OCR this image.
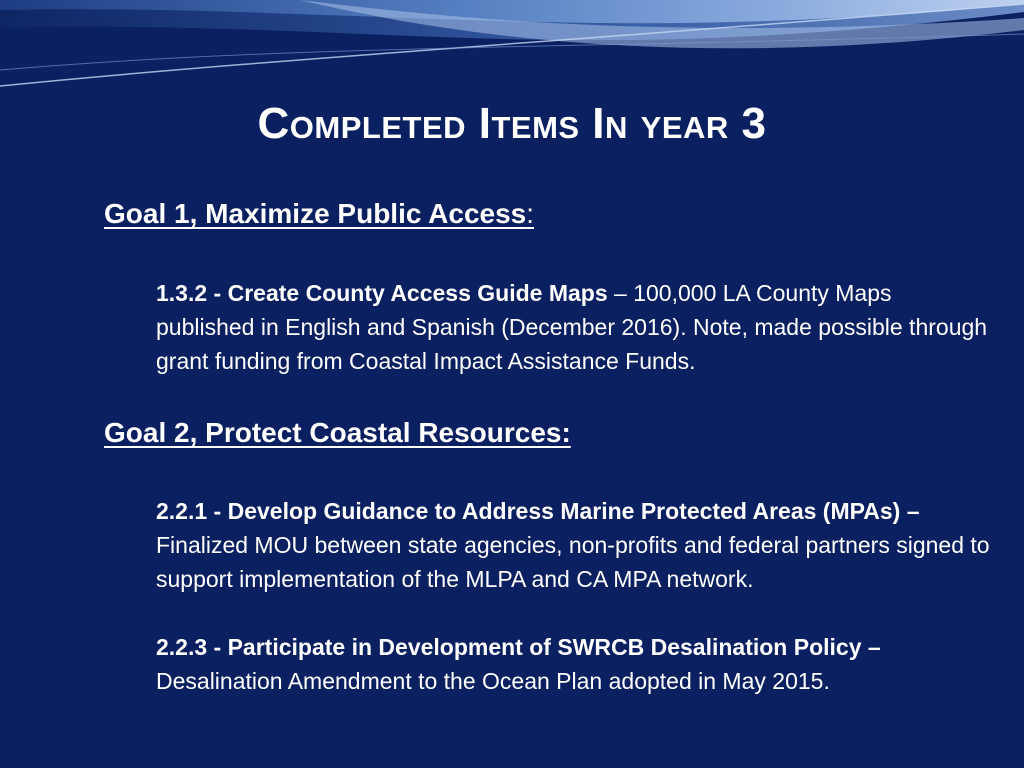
Completed Items In year 3
Goal 1, Maximize Public Access:
1.3.2 - Create County Access Guide Maps – 100,000 LA County Maps published in English and Spanish (December 2016). Note, made possible through grant funding from Coastal Impact Assistance Funds.
Goal 2, Protect Coastal Resources:
2.2.1 - Develop Guidance to Address Marine Protected Areas (MPAs) – Finalized MOU between state agencies, non-profits and federal partners signed to support implementation of the MLPA and CA MPA network.
2.2.3 - Participate in Development of SWRCB Desalination Policy – Desalination Amendment to the Ocean Plan adopted in May 2015.
